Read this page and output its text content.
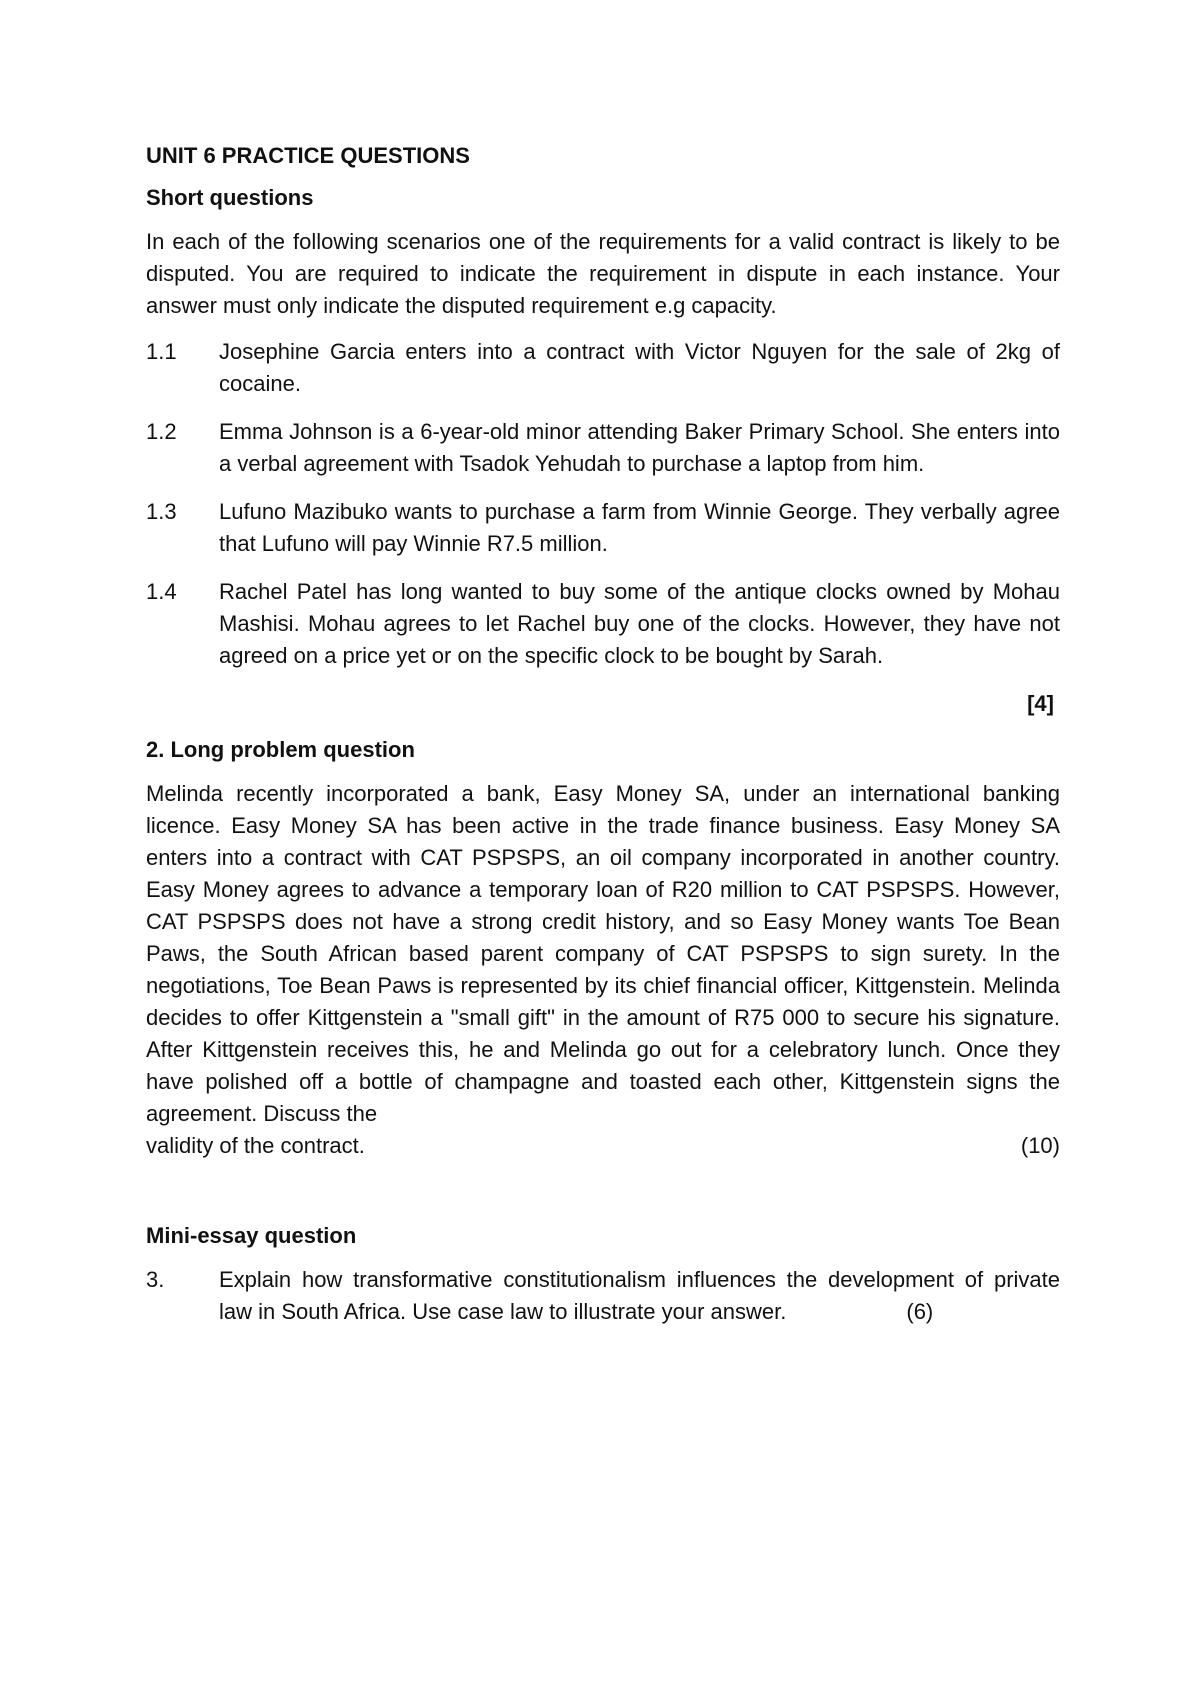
UNIT 6 PRACTICE QUESTIONS

Short questions

In each of the following scenarios one of the requirements for a valid contract is likely to be disputed. You are required to indicate the requirement in dispute in each instance. Your answer must only indicate the disputed requirement e.g capacity.

1.1	Josephine Garcia enters into a contract with Victor Nguyen for the sale of 2kg of cocaine.
1.2	Emma Johnson is a 6-year-old minor attending Baker Primary School. She enters into a verbal agreement with Tsadok Yehudah to purchase a laptop from him.
1.3	Lufuno Mazibuko wants to purchase a farm from Winnie George. They verbally agree that Lufuno will pay Winnie R7.5 million.
1.4	Rachel Patel has long wanted to buy some of the antique clocks owned by Mohau Mashisi. Mohau agrees to let Rachel buy one of the clocks. However, they have not agreed on a price yet or on the specific clock to be bought by Sarah.

[4]

2. Long problem question

Melinda recently incorporated a bank, Easy Money SA, under an international banking licence. Easy Money SA has been active in the trade finance business. Easy Money SA enters into a contract with CAT PSPSPS, an oil company incorporated in another country. Easy Money agrees to advance a temporary loan of R20 million to CAT PSPSPS. However, CAT PSPSPS does not have a strong credit history, and so Easy Money wants Toe Bean Paws, the South African based parent company of CAT PSPSPS to sign surety. In the negotiations, Toe Bean Paws is represented by its chief financial officer, Kittgenstein. Melinda decides to offer Kittgenstein a "small gift" in the amount of R75 000 to secure his signature. After Kittgenstein receives this, he and Melinda go out for a celebratory lunch. Once they have polished off a bottle of champagne and toasted each other, Kittgenstein signs the agreement. Discuss the

validity of the contract.	(10)

Mini-essay question

3.	Explain how transformative constitutionalism influences the development of private law in South Africa. Use case law to illustrate your answer.	(6)
